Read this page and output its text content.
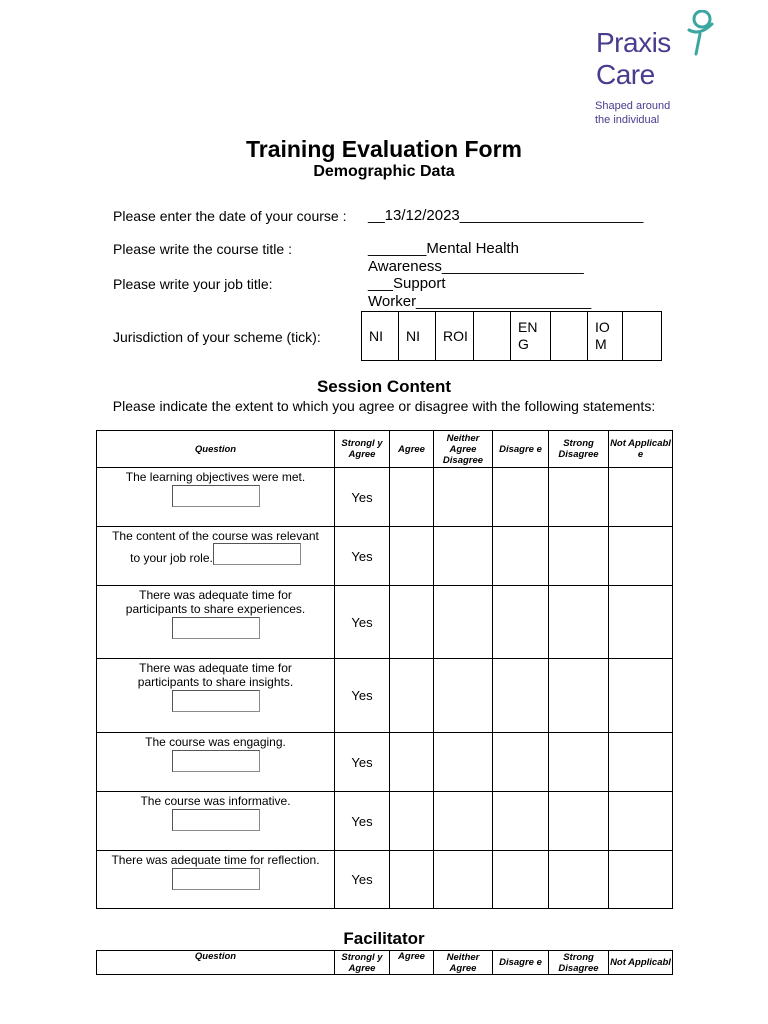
Praxis
Care
Shaped around
the individual
Training Evaluation Form
Demographic Data
Please enter the date of your course : __13/12/2023______________________
Please write the course title :	_______Mental Health
Awareness_________________
Please write your job title:	___Support
Worker_____________________
Jurisdiction of your scheme (tick):	NI	NI	ROI		EN G		IO M	
Session Content
Please indicate the extent to which you agree or disagree with the following statements:
Question	Strongl y Agree	Agree	Neither Agree Disagree	Disagre e	Strong Disagree	Not Applicabl e
The learning objectives were met.	Yes					
The content of the course was relevant
to your job role.	Yes					
There was adequate time for participants to share experiences.	Yes					
There was adequate time for participants to share insights.	Yes					
The course was engaging.	Yes					
The course was informative.	Yes					
There was adequate time for reflection.	Yes					
Facilitator
Question	Strongl y Agree	Agree	Neither Agree	Disagre e	Strong Disagree	Not Applicabl
